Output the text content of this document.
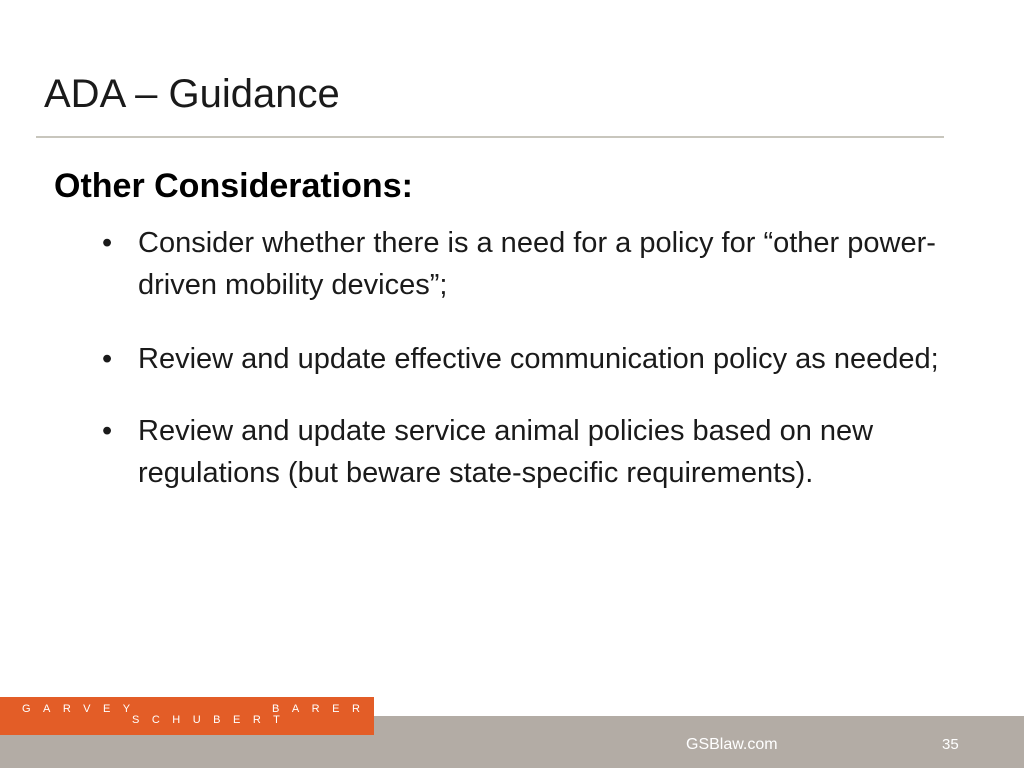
ADA – Guidance
Other Considerations:
• Consider whether there is a need for a policy for “other power-driven mobility devices”;
• Review and update effective communication policy as needed;
• Review and update service animal policies based on new regulations (but beware state-specific requirements).
GARVEY
SCHUBERT
BARER
GSBlaw.com	35
